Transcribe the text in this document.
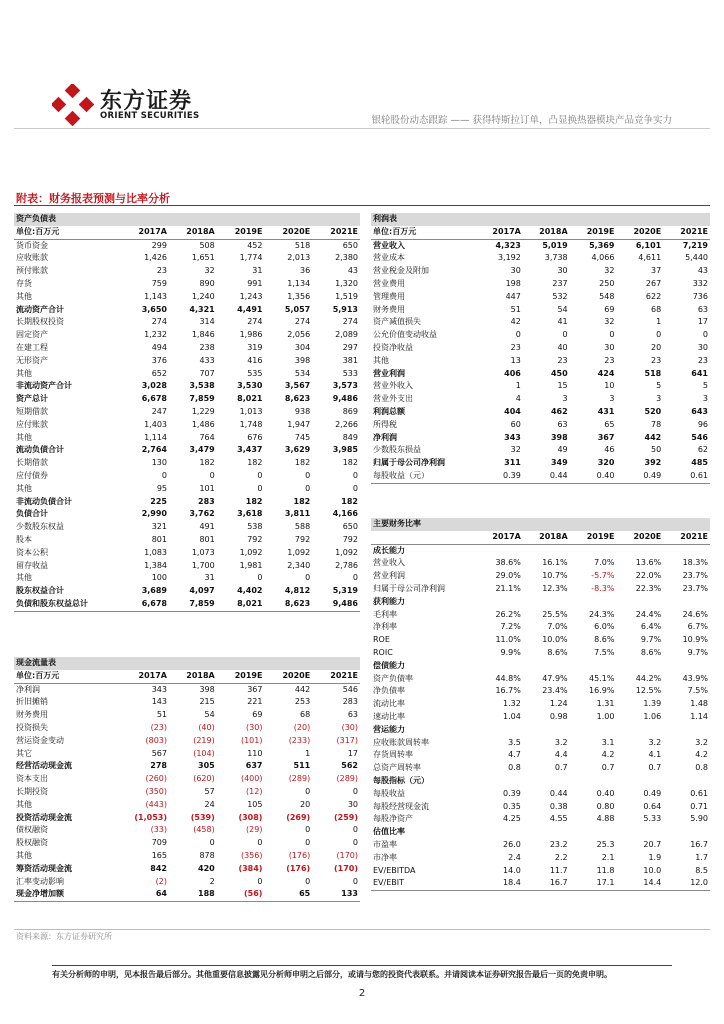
东方证券
ORIENT SECURITIES	银轮股份动态跟踪 —— 获得特斯拉订单，凸显换热器模块产品竞争实力
附表：财务报表预测与比率分析
资产负债表					
单位:百万元	2017A	2018A	2019E	2020E	2021E
货币资金	299	508	452	518	650
应收账款	1,426	1,651	1,774	2,013	2,380
预付账款	23	32	31	36	43
存货	759	890	991	1,134	1,320
其他	1,143	1,240	1,243	1,356	1,519
流动资产合计	3,650	4,321	4,491	5,057	5,913
长期股权投资	274	314	274	274	274
固定资产	1,232	1,846	1,986	2,056	2,089
在建工程	494	238	319	304	297
无形资产	376	433	416	398	381
其他	652	707	535	534	533
非流动资产合计	3,028	3,538	3,530	3,567	3,573
资产总计	6,678	7,859	8,021	8,623	9,486
短期借款	247	1,229	1,013	938	869
应付账款	1,403	1,486	1,748	1,947	2,266
其他	1,114	764	676	745	849
流动负债合计	2,764	3,479	3,437	3,629	3,985
长期借款	130	182	182	182	182
应付债券	0	0	0	0	0
其他	95	101	0	0	0
非流动负债合计	225	283	182	182	182
负债合计	2,990	3,762	3,618	3,811	4,166
少数股东权益	321	491	538	588	650
股本	801	801	792	792	792
资本公积	1,083	1,073	1,092	1,092	1,092
留存收益	1,384	1,700	1,981	2,340	2,786
其他	100	31	0	0	0
股东权益合计	3,689	4,097	4,402	4,812	5,319
负债和股东权益总计	6,678	7,859	8,021	8,623	9,486
现金流量表					
单位:百万元	2017A	2018A	2019E	2020E	2021E
净利润	343	398	367	442	546
折旧摊销	143	215	221	253	283
财务费用	51	54	69	68	63
投资损失	(23)	(40)	(30)	(20)	(30)
营运资金变动	(803)	(219)	(101)	(233)	(317)
其它	567	(104)	110	1	17
经营活动现金流	278	305	637	511	562
资本支出	(260)	(620)	(400)	(289)	(289)
长期投资	(350)	57	(12)	0	0
其他	(443)	24	105	20	30
投资活动现金流	(1,053)	(539)	(308)	(269)	(259)
债权融资	(33)	(458)	(29)	0	0
股权融资	709	0	0	0	0
其他	165	878	(356)	(176)	(170)
筹资活动现金流	842	420	(384)	(176)	(170)
汇率变动影响	(2)	2	0	0	0
现金净增加额	64	188	(56)	65	133
利润表					
单位:百万元	2017A	2018A	2019E	2020E	2021E
营业收入	4,323	5,019	5,369	6,101	7,219
营业成本	3,192	3,738	4,066	4,611	5,440
营业税金及附加	30	30	32	37	43
营业费用	198	237	250	267	332
管理费用	447	532	548	622	736
财务费用	51	54	69	68	63
资产减值损失	42	41	32	1	17
公允价值变动收益	0	0	0	0	0
投资净收益	23	40	30	20	30
其他	13	23	23	23	23
营业利润	406	450	424	518	641
营业外收入	1	15	10	5	5
营业外支出	4	3	3	3	3
利润总额	404	462	431	520	643
所得税	60	63	65	78	96
净利润	343	398	367	442	546
少数股东损益	32	49	46	50	62
归属于母公司净利润	311	349	320	392	485
每股收益（元）	0.39	0.44	0.40	0.49	0.61
主要财务比率					
	2017A	2018A	2019E	2020E	2021E
成长能力					
营业收入	38.6%	16.1%	7.0%	13.6%	18.3%
营业利润	29.0%	10.7%	-5.7%	22.0%	23.7%
归属于母公司净利润	21.1%	12.3%	-8.3%	22.3%	23.7%
获利能力					
毛利率	26.2%	25.5%	24.3%	24.4%	24.6%
净利率	7.2%	7.0%	6.0%	6.4%	6.7%
ROE	11.0%	10.0%	8.6%	9.7%	10.9%
ROIC	9.9%	8.6%	7.5%	8.6%	9.7%
偿债能力					
资产负债率	44.8%	47.9%	45.1%	44.2%	43.9%
净负债率	16.7%	23.4%	16.9%	12.5%	7.5%
流动比率	1.32	1.24	1.31	1.39	1.48
速动比率	1.04	0.98	1.00	1.06	1.14
营运能力					
应收账款周转率	3.5	3.2	3.1	3.2	3.2
存货周转率	4.7	4.4	4.2	4.1	4.2
总资产周转率	0.8	0.7	0.7	0.7	0.8
每股指标（元）					
每股收益	0.39	0.44	0.40	0.49	0.61
每股经营现金流	0.35	0.38	0.80	0.64	0.71
每股净资产	4.25	4.55	4.88	5.33	5.90
估值比率					
市盈率	26.0	23.2	25.3	20.7	16.7
市净率	2.4	2.2	2.1	1.9	1.7
EV/EBITDA	14.0	11.7	11.8	10.0	8.5
EV/EBIT	18.4	16.7	17.1	14.4	12.0
资料来源：东方证券研究所
有关分析师的申明，见本报告最后部分。其他重要信息披露见分析师申明之后部分，或请与您的投资代表联系。并请阅读本证券研究报告最后一页的免责申明。
2
